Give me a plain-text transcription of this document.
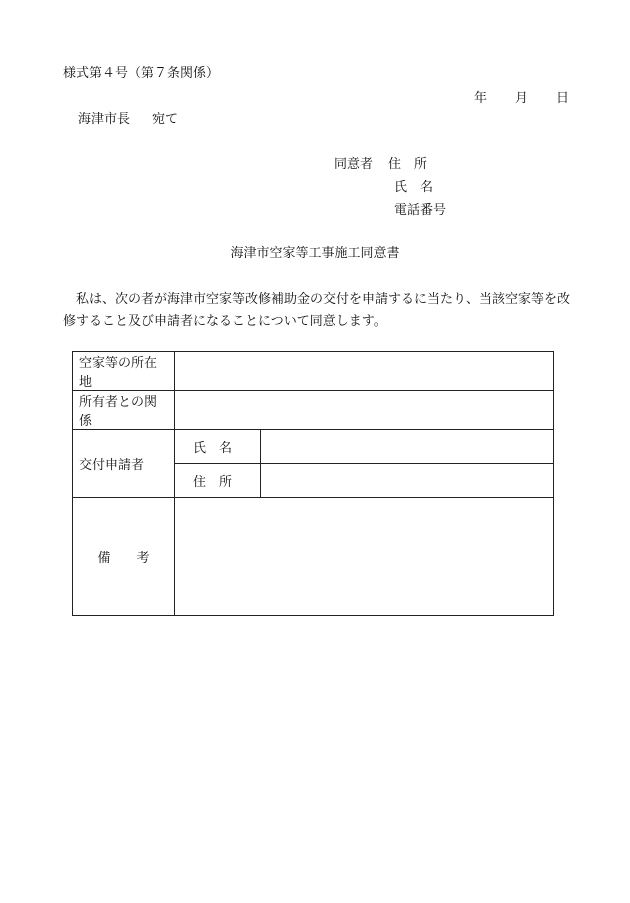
様式第４号（第７条関係）
年 月 日
海津市長 宛て
同意者 住　所
氏　名
電話番号
海津市空家等工事施工同意書
私は、次の者が海津市空家等改修補助金の交付を申請するに当たり、当該空家等を改修すること及び申請者になることについて同意します。
空家等の所在地		
所有者との関係		
交付申請者	氏　名	
	住　所	
備　　考		
